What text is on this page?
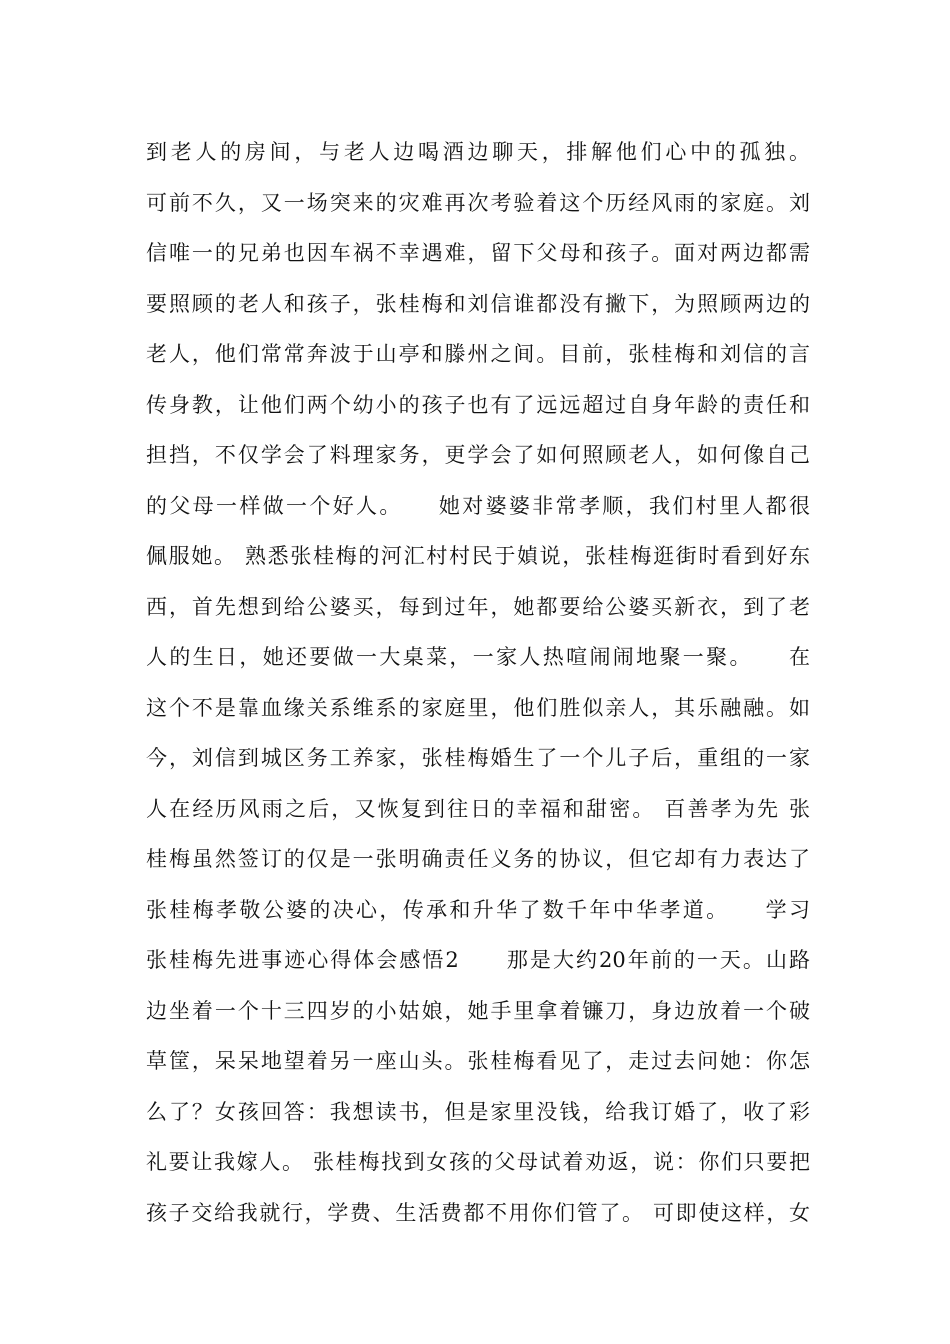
到老人的房间，与老人边喝酒边聊天，排解他们心中的孤独。
可前不久，又一场突来的灾难再次考验着这个历经风雨的家庭。刘
信唯一的兄弟也因车祸不幸遇难，留下父母和孩子。面对两边都需
要照顾的老人和孩子，张桂梅和刘信谁都没有撇下，为照顾两边的
老人，他们常常奔波于山亭和滕州之间。目前，张桂梅和刘信的言
传身教，让他们两个幼小的孩子也有了远远超过自身年龄的责任和
担挡，不仅学会了料理家务，更学会了如何照顾老人，如何像自己
的父母一样做一个好人。　　她对婆婆非常孝顺，我们村里人都很
佩服她。 熟悉张桂梅的河汇村村民于媜说，张桂梅逛街时看到好东
西，首先想到给公婆买，每到过年，她都要给公婆买新衣，到了老
人的生日，她还要做一大桌菜，一家人热喧闹闹地聚一聚。　　在
这个不是靠血缘关系维系的家庭里，他们胜似亲人，其乐融融。如
今，刘信到城区务工养家，张桂梅婚生了一个儿子后，重组的一家
人在经历风雨之后，又恢复到往日的幸福和甜密。 百善孝为先 张
桂梅虽然签订的仅是一张明确责任义务的协议，但它却有力表达了
张桂梅孝敬公婆的决心，传承和升华了数千年中华孝道。　　学习
张桂梅先进事迹心得体会感悟2　　那是大约20年前的一天。山路
边坐着一个十三四岁的小姑娘，她手里拿着镰刀，身边放着一个破
草筐，呆呆地望着另一座山头。张桂梅看见了，走过去问她：你怎
么了？女孩回答：我想读书，但是家里没钱，给我订婚了，收了彩
礼要让我嫁人。 张桂梅找到女孩的父母试着劝返，说：你们只要把
孩子交给我就行，学费、生活费都不用你们管了。 可即使这样，女
